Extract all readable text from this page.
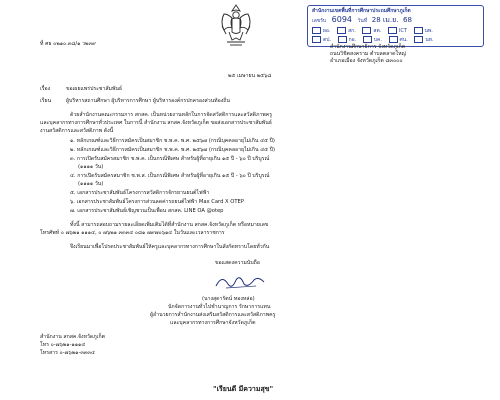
สำนักงานเขตพื้นที่การศึกษาประถมศึกษาภูเก็ต
เลขรับ 6094 วันที่ 28 เม.ย. 68
ผอ.	สก.	สต.	ICT	นพ.
ตป.	กอ.	บค.	ศน.	นท.
ที่ ศธ ๐๒๑๐.๓๘/๑ ว๒๓๙	สำนักงานศึกษาธิการ จังหวัดภูเก็ต
ถนนวิชิตสงคราม ตำบลตลาดใหญ่
อำเภอเมือง จังหวัดภูเก็ต ๘๓๐๐๐
๒๕ เมษายน ๒๕๖๘
เรื่อง	ขอเผยแพร่ประชาสัมพันธ์
เรียน	ผู้บริหารสถานศึกษา ผู้บริหารการศึกษา ผู้บริหารองค์กรปกครองส่วนท้องถิ่น
ด้วยสำนักงานคณะกรรมการ สกสค. เป็นหน่วยงานหลักในการจัดสวัสดิการและสวัสดิภาพครู
และบุคลากรทางการศึกษาทั่วประเทศ ในการนี้ สำนักงาน สกสค.จังหวัดภูเก็ต ขอส่งเอกสารประชาสัมพันธ์
งานสวัสดิการและสวัสดิภาพ ดังนี้
๑. หลักเกณฑ์และวิธีการสมัครเป็นสมาชิก ช.พ.ค. พ.ศ. ๒๕๖๗ (กรณีบุคคลอายุไม่เกิน ๔๕ ปี)
๒. หลักเกณฑ์และวิธีการสมัครเป็นสมาชิก ช.พ.ค. พ.ศ. ๒๕๖๗ (กรณีบุคคลอายุไม่เกิน ๔๕ ปี)
๓. การเปิดรับสมัครสมาชิก ช.พ.ค. เป็นกรณีพิเศษ สำหรับผู้ที่อายุเกิน ๑๕ ปี - ๖๐ ปี บริบูรณ์
(๑๑๑๑ วัน)
๔. การเปิดรับสมัครสมาชิก ช.พ.ส. เป็นกรณีพิเศษ สำหรับผู้ที่อายุเกิน ๑๕ ปี - ๖๐ ปี บริบูรณ์
(๑๑๑๑ วัน)
๕. เอกสารประชาสัมพันธ์โครงการสวัสดิการจักรยานยนต์ไฟฟ้า
๖. เอกสารประชาสัมพันธ์โครงการส่วนลดค่ารถยนต์ไฟฟ้า Max Card X OTEP
๗. เอกสารประชาสัมพันธ์เชิญชวนเป็นเพื่อน สกสค. LINE OA @otep
ทั้งนี้ สามารถสอบถามรายละเอียดเพิ่มเติมได้ที่สำนักงาน สกสค.จังหวัดภูเก็ต หรือหมายเลข
โทรศัพท์ ๐ ๗๖๒๑ ๑๑๑๔, ๐ ๗๖๒๑ ๓๓๓๔ ๐๘๑ ๗๙๗๐๖๑๔ ในวันและเวลาราชการ
จึงเรียนมาเพื่อโปรดประชาสัมพันธ์ให้ครูและบุคลากรทางการศึกษาในสังกัดทราบโดยทั่วกัน
ขอแสดงความนับถือ
(นางสุดารัตน์ ทองหล่อ)
นักจัดการงานทั่วไปชำนาญการ รักษาการแทน
ผู้อำนวยการสำนักงานส่งเสริมสวัสดิการและสวัสดิภาพครู
และบุคลากรทางการศึกษาจังหวัดภูเก็ต
สำนักงาน สกสค.จังหวัดภูเก็ต
โทร ๐-๗๖๒๑-๑๑๑๔
โทรสาร ๐-๗๖๒๑-๓๓๓๔
"เรียนดี มีความสุข"
